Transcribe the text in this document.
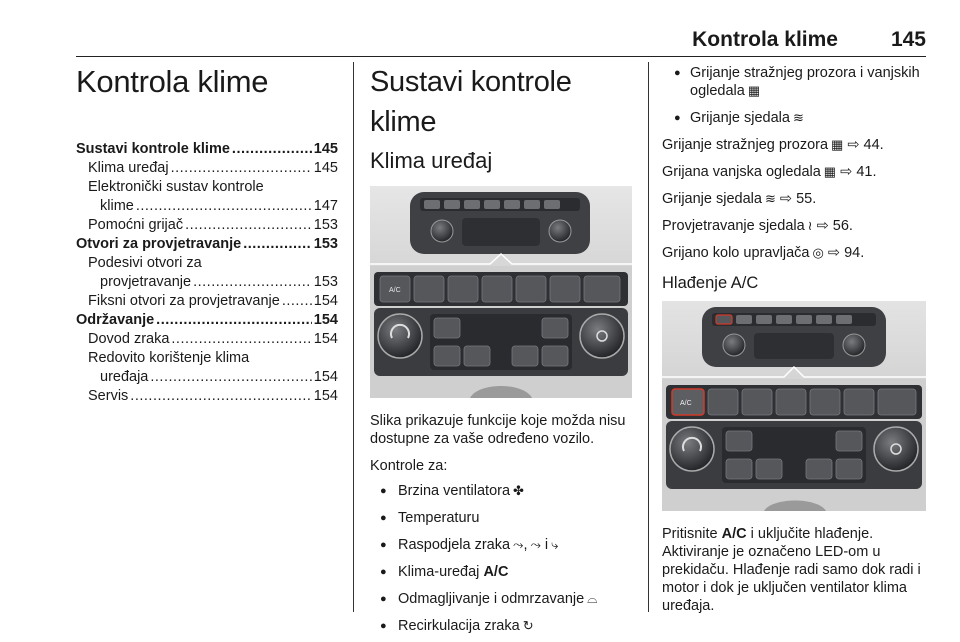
Kontrola klime	145
Kontrola klime
Sustavi kontrole klime .....	145
Klima uređaj .....	145
Elektronički sustav kontrole
klime .....	147
Pomoćni grijač .....	153
Otvori za provjetravanje .....	153
Podesivi otvori za
provjetravanje .....	153
Fiksni otvori za provjetravanje ..... 154
Održavanje .....	154
Dovod zraka .....	154
Redovito korištenje klima
uređaja .....	154
Servis .....	154
Sustavi kontrole klime
Klima uređaj
A/C
Slika prikazuje funkcije koje možda nisu dostupne za vaše određeno vozilo.
Kontrole za:
● Brzina ventilatora ✤
● Temperaturu
● Raspodjela zraka ⤳, ⤳ i ⤷
● Klima-uređaj A/C
● Odmagljivanje i odmrzavanje ⌓
● Recirkulacija zraka ↻
● Grijanje stražnjeg prozora i vanjskih ogledala ▦
● Grijanje sjedala ≋
Grijanje stražnjeg prozora ▦ ⇨ 44.
Grijana vanjska ogledala ▦ ⇨ 41.
Grijanje sjedala ≋ ⇨ 55.
Provjetravanje sjedala ≀ ⇨ 56.
Grijano kolo upravljača ◎ ⇨ 94.
Hlađenje A/C
A/C
Pritisnite A/C i uključite hlađenje. Aktiviranje je označeno LED-om u prekidaču. Hlađenje radi samo dok radi i motor i dok je uključen ventilator klima uređaja.
